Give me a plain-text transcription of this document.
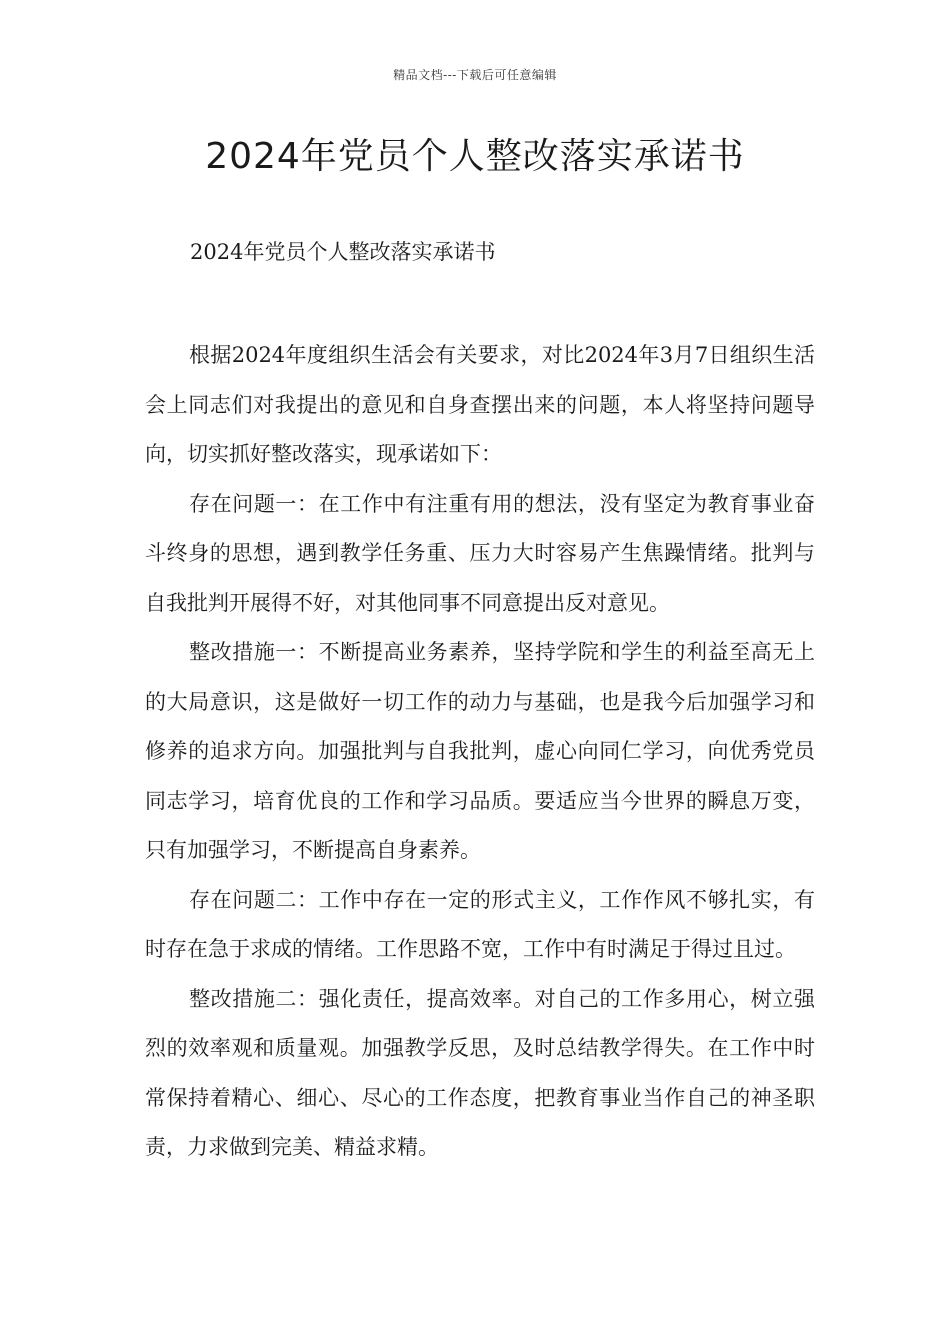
精品文档---下载后可任意编辑
2024年党员个人整改落实承诺书

2024年党员个人整改落实承诺书

根据2024年度组织生活会有关要求，对比2024年3月7日组织生活会上同志们对我提出的意见和自身查摆出来的问题，本人将坚持问题导向，切实抓好整改落实，现承诺如下：

存在问题一：在工作中有注重有用的想法，没有坚定为教育事业奋斗终身的思想，遇到教学任务重、压力大时容易产生焦躁情绪。批判与自我批判开展得不好，对其他同事不同意提出反对意见。

整改措施一：不断提高业务素养，坚持学院和学生的利益至高无上的大局意识，这是做好一切工作的动力与基础，也是我今后加强学习和修养的追求方向。加强批判与自我批判，虚心向同仁学习，向优秀党员同志学习，培育优良的工作和学习品质。要适应当今世界的瞬息万变，只有加强学习，不断提高自身素养。

存在问题二：工作中存在一定的形式主义，工作作风不够扎实，有时存在急于求成的情绪。工作思路不宽，工作中有时满足于得过且过。

整改措施二：强化责任，提高效率。对自己的工作多用心，树立强烈的效率观和质量观。加强教学反思，及时总结教学得失。在工作中时常保持着精心、细心、尽心的工作态度，把教育事业当作自己的神圣职责，力求做到完美、精益求精。
